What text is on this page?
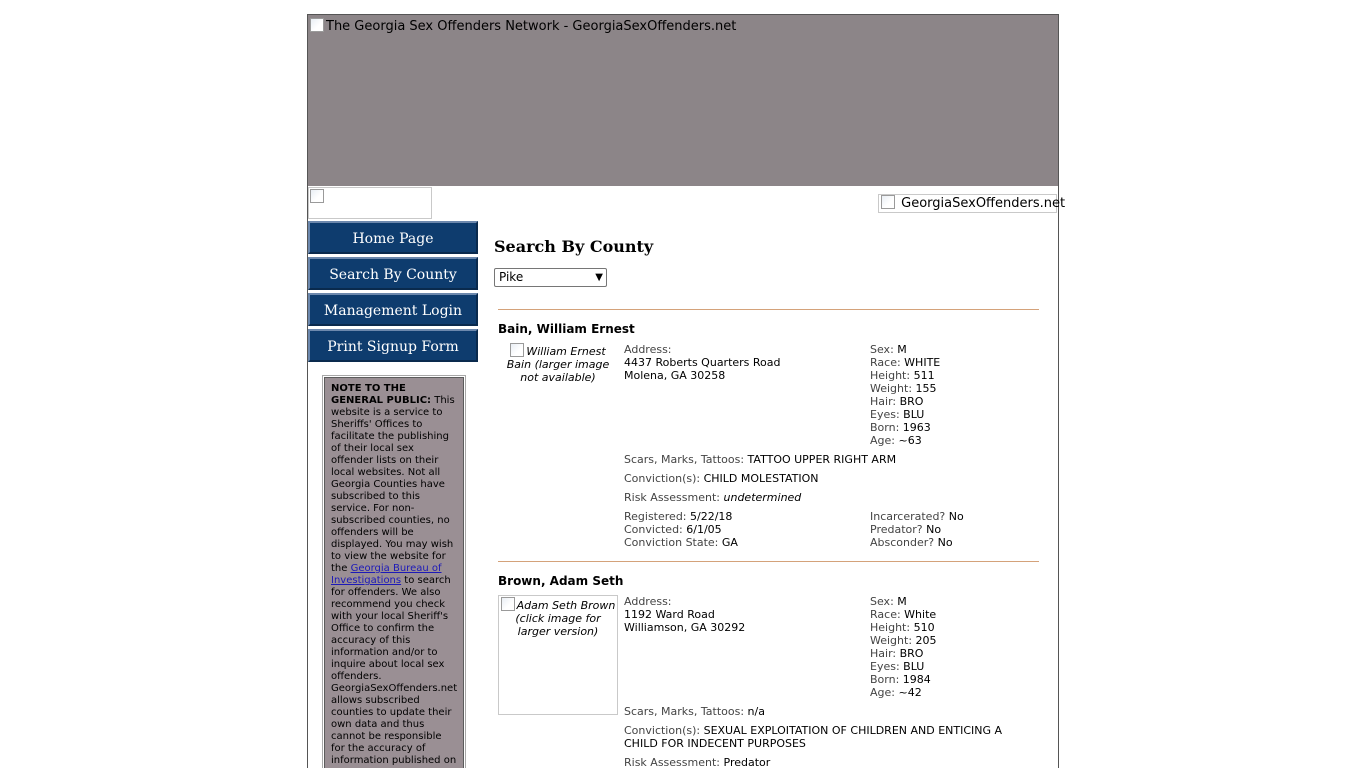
The Georgia Sex Offenders Network - GeorgiaSexOffenders.net
GeorgiaSexOffenders.net
Home Page
Search By County
Management Login
Print Signup Form
NOTE TO THE GENERAL PUBLIC: This website is a service to Sheriffs' Offices to facilitate the publishing of their local sex offender lists on their local websites. Not all Georgia Counties have subscribed to this service. For non-subscribed counties, no offenders will be displayed. You may wish to view the website for the Georgia Bureau of Investigations to search for offenders. We also recommend you check with your local Sheriff's Office to confirm the accuracy of this information and/or to inquire about local sex offenders. GeorgiaSexOffenders.net allows subscribed counties to update their own data and thus cannot be responsible for the accuracy of information published on
Search By County
Pike	▼
Bain, William Ernest
William Ernest Bain (larger image not available)
Address:
4437 Roberts Quarters Road
Molena, GA 30258
Sex: M
Race: WHITE
Height: 511
Weight: 155
Hair: BRO
Eyes: BLU
Born: 1963
Age: ~63
Scars, Marks, Tattoos: TATTOO UPPER RIGHT ARM
Conviction(s): CHILD MOLESTATION
Risk Assessment: undetermined
Registered: 5/22/18
Convicted: 6/1/05
Conviction State: GA
Incarcerated? No
Predator? No
Absconder? No
Brown, Adam Seth
Adam Seth Brown (click image for larger version)
Address:
1192 Ward Road
Williamson, GA 30292
Sex: M
Race: White
Height: 510
Weight: 205
Hair: BRO
Eyes: BLU
Born: 1984
Age: ~42
Scars, Marks, Tattoos: n/a
Conviction(s): SEXUAL EXPLOITATION OF CHILDREN AND ENTICING A
CHILD FOR INDECENT PURPOSES
Risk Assessment: Predator
